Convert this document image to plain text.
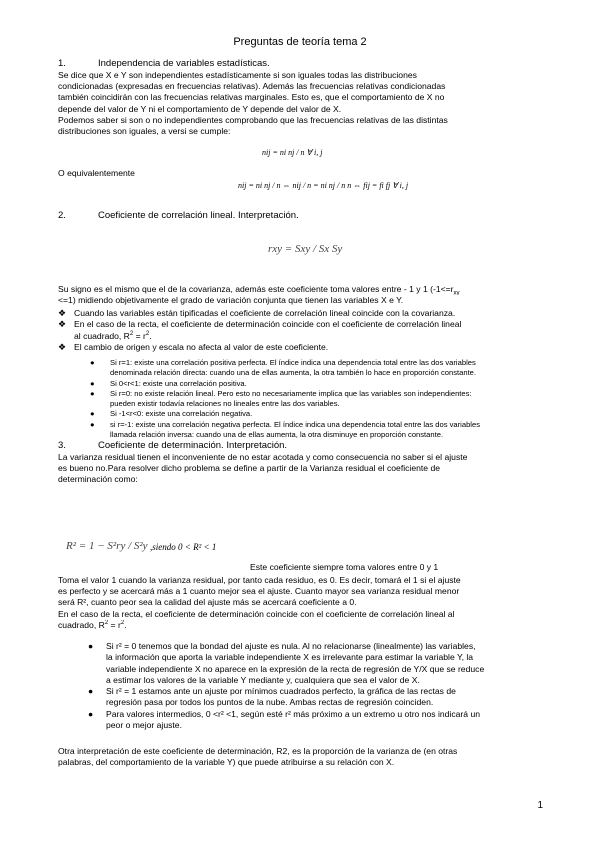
Preguntas de teoría tema 2
1.	Independencia de variables estadísticas.
Se dice que X e Y son independientes estadísticamente si son iguales todas las distribuciones
condicionadas (expresadas en frecuencias relativas). Además las frecuencias relativas condicionadas
también coincidirán con las frecuencias relativas marginales. Esto es, que el comportamiento de X no
depende del valor de Y ni el comportamiento de Y depende del valor de X.
Podemos saber si son o no independientes comprobando que las frecuencias relativas de las distintas
distribuciones son iguales, a versi se cumple:
nij = ni nj / n ∀ i, j
O equivalentemente
nij = ni nj / n ⇔ nij / n = ni nj / n n ⇔ fij = fi fj ∀ i, j
2.	Coeficiente de correlación lineal. Interpretación.
rxy = Sxy / Sx Sy
Su signo es el mismo que el de la covarianza, además este coeficiente toma valores entre - 1 y 1 ($-1<=r_{xy}$
<=1) midiendo objetivamente el grado de variación conjunta que tienen las variables X e Y.
❖ Cuando las variables están tipificadas el coeficiente de correlación lineal coincide con la covarianza.
❖ En el caso de la recta, el coeficiente de determinación coincide con el coeficiente de correlación lineal
al cuadrado, $R^2 = r^2$.
❖ El cambio de origen y escala no afecta al valor de este coeficiente.
● Si r=1: existe una correlación positiva perfecta. El índice indica una dependencia total entre las dos variables
denominada relación directa: cuando una de ellas aumenta, la otra también lo hace en proporción constante.
● Si 0<r<1: existe una correlación positiva.
● Si r=0: no existe relación lineal. Pero esto no necesariamente implica que las variables son independientes:
pueden existir todavía relaciones no lineales entre las dos variables.
● Si -1<r<0: existe una correlación negativa.
● si r=-1: existe una correlación negativa perfecta. El índice indica una dependencia total entre las dos variables
llamada relación inversa: cuando una de ellas aumenta, la otra disminuye en proporción constante.
3.	Coeficiente de determinación. Interpretación.
La varianza residual tienen el inconveniente de no estar acotada y como consecuencia no saber si el ajuste
es bueno no.Para resolver dicho problema se define a partir de la Varianza residual el coeficiente de
determinación como:
R² = 1 − S²ry / S²y ,siendo 0 < R² < 1
Este coeficiente siempre toma valores entre 0 y 1
Toma el valor 1 cuando la varianza residual, por tanto cada residuo, es 0. Es decir, tomará el 1 si el ajuste
es perfecto y se acercará más a 1 cuanto mejor sea el ajuste. Cuanto mayor sea varianza residual menor
será R², cuanto peor sea la calidad del ajuste más se acercará coeficiente a 0.
En el caso de la recta, el coeficiente de determinación coincide con el coeficiente de correlación lineal al
cuadrado, $R^2 = r^2$.
● Si r² = 0 tenemos que la bondad del ajuste es nula. Al no relacionarse (linealmente) las variables,
la información que aporta la variable independiente X es irrelevante para estimar la variable Y, la
variable independiente X no aparece en la expresión de la recta de regresión de Y/X que se reduce
a estimar los valores de la variable Y mediante y, cualquiera que sea el valor de X.
● Si r² = 1 estamos ante un ajuste por mínimos cuadrados perfecto, la gráfica de las rectas de
regresión pasa por todos los puntos de la nube. Ambas rectas de regresión coinciden.
● Para valores intermedios, 0 <r² <1, según esté r² más próximo a un extremo u otro nos indicará un
peor o mejor ajuste.
Otra interpretación de este coeficiente de determinación, R2, es la proporción de la varianza de (en otras
palabras, del comportamiento de la variable Y) que puede atribuirse a su relación con X.
1
